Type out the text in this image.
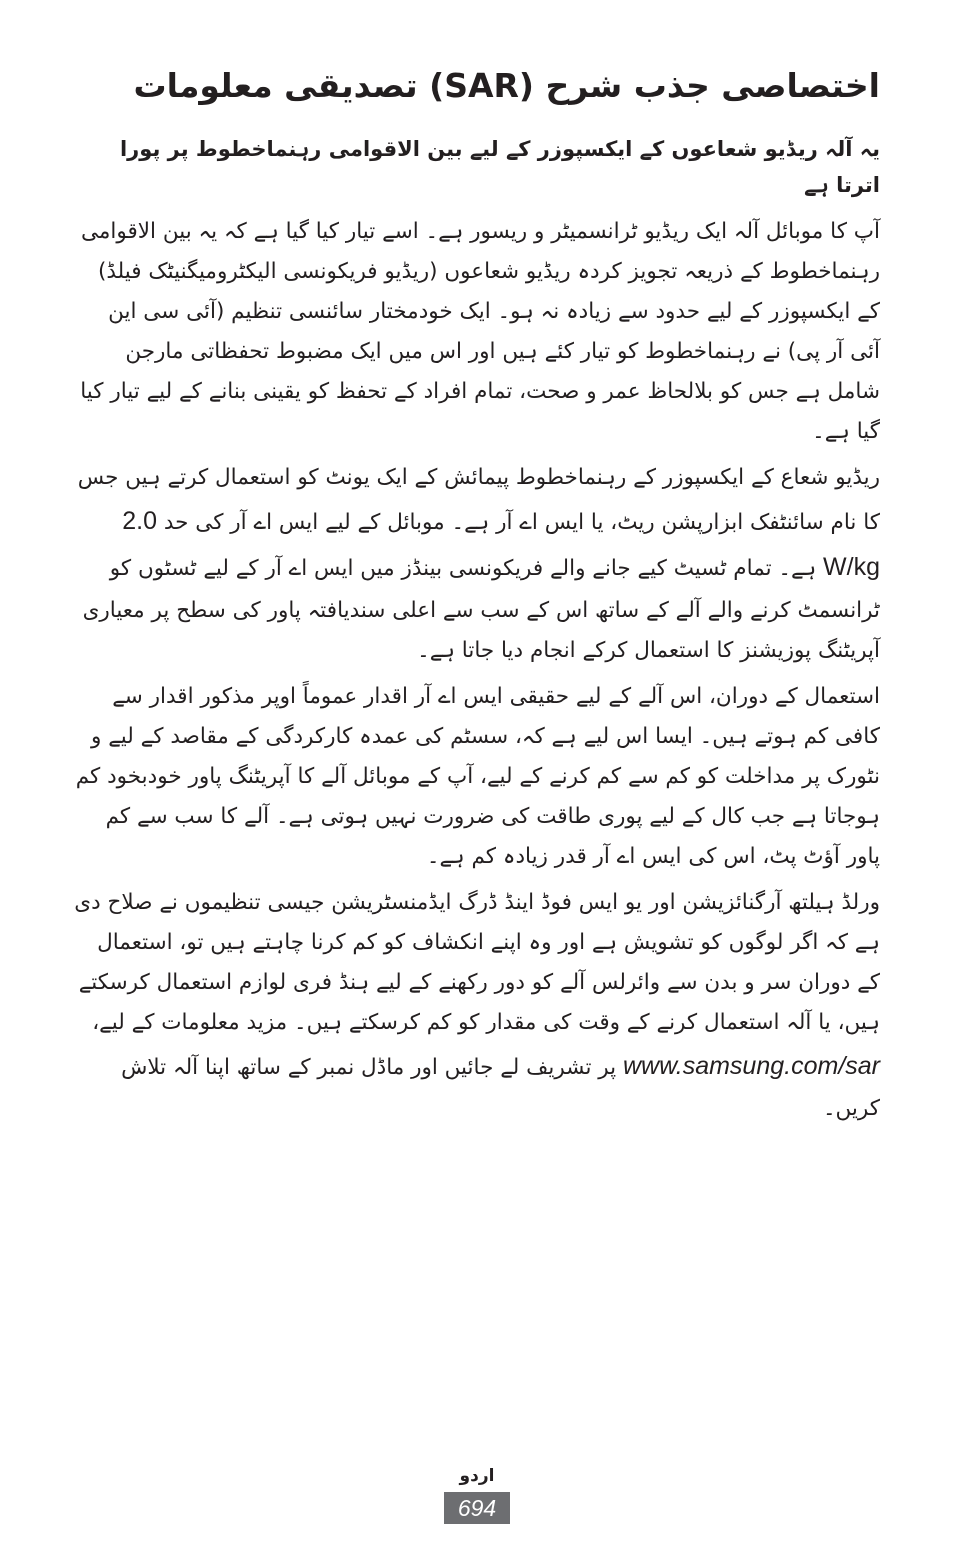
اختصاصی جذب شرح (SAR) تصدیقی معلومات
یہ آلہ ریڈیو شعاعوں کے ایکسپوزر کے لیے بین الاقوامی رہنماخطوط پر پورا اترتا ہے

آپ کا موبائل آلہ ایک ریڈیو ٹرانسمیٹر و ریسور ہے۔ اسے تیار کیا گیا ہے کہ یہ بین الاقوامی رہنماخطوط کے ذریعہ تجویز کردہ ریڈیو شعاعوں (ریڈیو فریکونسی الیکٹرومیگنیٹک فیلڈ) کے ایکسپوزر کے لیے حدود سے زیادہ نہ ہو۔ ایک خودمختار سائنسی تنظیم (آئی سی این آئی آر پی) نے رہنماخطوط کو تیار کئے ہیں اور اس میں ایک مضبوط تحفظاتی مارجن شامل ہے جس کو بلالحاظ عمر و صحت، تمام افراد کے تحفظ کو یقینی بنانے کے لیے تیار کیا گیا ہے۔

ریڈیو شعاع کے ایکسپوزر کے رہنماخطوط پیمائش کے ایک یونٹ کو استعمال کرتے ہیں جس کا نام سائنٹفک ابزارپشن ریٹ، یا ایس اے آر ہے۔ موبائل کے لیے ایس اے آر کی حد 2.0 W/kg ہے۔ تمام ٹسیٹ کیے جانے والے فریکونسی بینڈز میں ایس اے آر کے لیے ٹسٹوں کو ٹرانسمٹ کرنے والے آلے کے ساتھ اس کے سب سے اعلی سندیافتہ پاور کی سطح پر معیاری آپریٹنگ پوزیشنز کا استعمال کرکے انجام دیا جاتا ہے۔

استعمال کے دوران، اس آلے کے لیے حقیقی ایس اے آر اقدار عموماً اوپر مذکور اقدار سے کافی کم ہوتے ہیں۔ ایسا اس لیے ہے کہ، سسٹم کی عمدہ کارکردگی کے مقاصد کے لیے و نٹورک پر مداخلت کو کم سے کم کرنے کے لیے، آپ کے موبائل آلے کا آپریٹنگ پاور خودبخود کم ہوجاتا ہے جب کال کے لیے پوری طاقت کی ضرورت نہیں ہوتی ہے۔ آلے کا سب سے کم پاور آؤٹ پٹ، اس کی ایس اے آر قدر زیادہ کم ہے۔

ورلڈ ہیلتھ آرگنائزیشن اور یو ایس فوڈ اینڈ ڈرگ ایڈمنسٹریشن جیسی تنظیموں نے صلاح دی ہے کہ اگر لوگوں کو تشویش ہے اور وہ اپنے انکشاف کو کم کرنا چاہتے ہیں تو، استعمال کے دوران سر و بدن سے وائرلس آلے کو دور رکھنے کے لیے ہنڈ فری لوازم استعمال کرسکتے ہیں، یا آلہ استعمال کرنے کے وقت کی مقدار کو کم کرسکتے ہیں۔ مزید معلومات کے لیے، www.samsung.com/sar پر تشریف لے جائیں اور ماڈل نمبر کے ساتھ اپنا آلہ تلاش کریں۔

اردو
694
